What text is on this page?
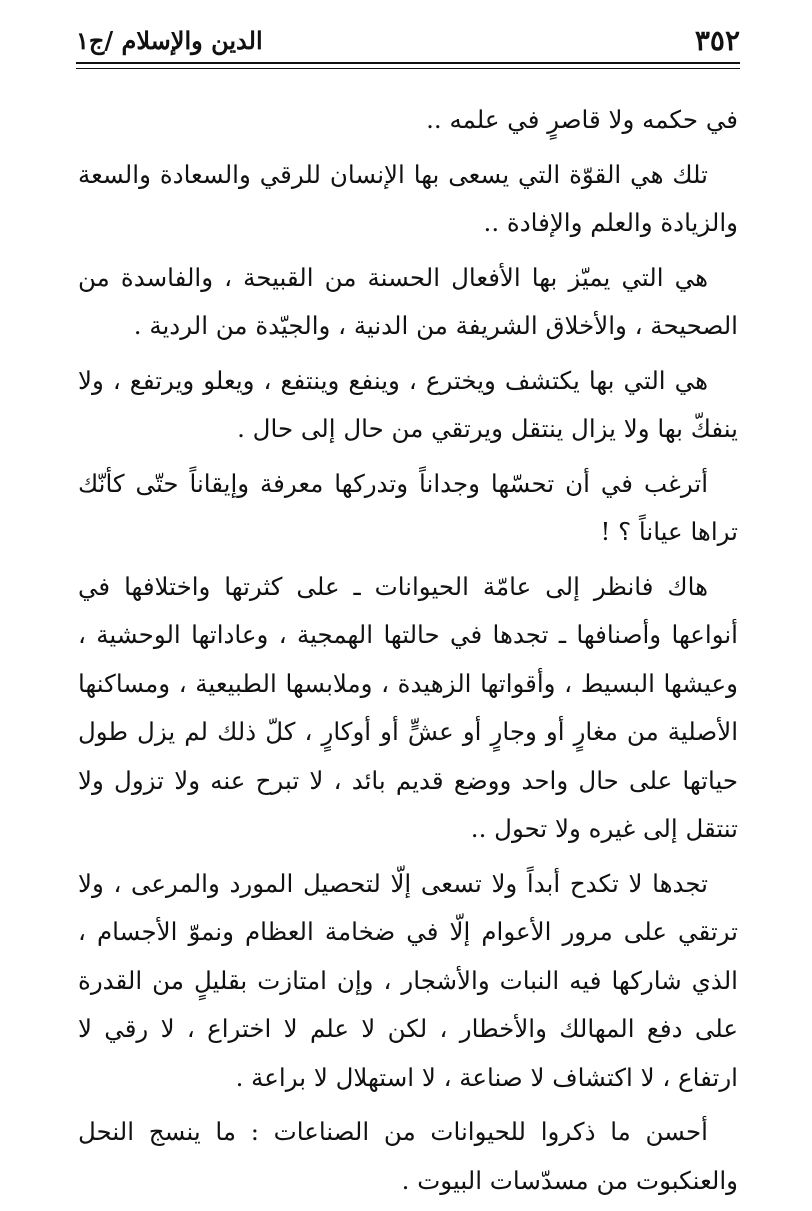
٣٥٢
الدين والإسلام /ج١

في حكمه ولا قاصرٍ في علمه ..

تلك هي القوّة التي يسعى بها الإنسان للرقي والسعادة والسعة والزيادة والعلم والإفادة ..

هي التي يميّز بها الأفعال الحسنة من القبيحة ، والفاسدة من الصحيحة ، والأخلاق الشريفة من الدنية ، والجيّدة من الردية .

هي التي بها يكتشف ويخترع ، وينفع وينتفع ، ويعلو ويرتفع ، ولا ينفكّ بها ولا يزال ينتقل ويرتقي من حال إلى حال .

أترغب في أن تحسّها وجداناً وتدركها معرفة وإيقاناً حتّى كأنّك تراها عياناً ؟ !

هاك فانظر إلى عامّة الحيوانات ـ على كثرتها واختلافها في أنواعها وأصنافها ـ تجدها في حالتها الهمجية ، وعاداتها الوحشية ، وعيشها البسيط ، وأقواتها الزهيدة ، وملابسها الطبيعية ، ومساكنها الأصلية من مغارٍ أو وجارٍ أو عشٍّ أو أوكارٍ ، كلّ ذلك لم يزل طول حياتها على حال واحد ووضع قديم بائد ، لا تبرح عنه ولا تزول ولا تنتقل إلى غيره ولا تحول ..

تجدها لا تكدح أبداً ولا تسعى إلّا لتحصيل المورد والمرعى ، ولا ترتقي على مرور الأعوام إلّا في ضخامة العظام ونموّ الأجسام ، الذي شاركها فيه النبات والأشجار ، وإن امتازت بقليلٍ من القدرة على دفع المهالك والأخطار ، لكن لا علم لا اختراع ، لا رقي لا ارتفاع ، لا اكتشاف لا صناعة ، لا استهلال لا براعة .

أحسن ما ذكروا للحيوانات من الصناعات : ما ينسج النحل والعنكبوت من مسدّسات البيوت .
